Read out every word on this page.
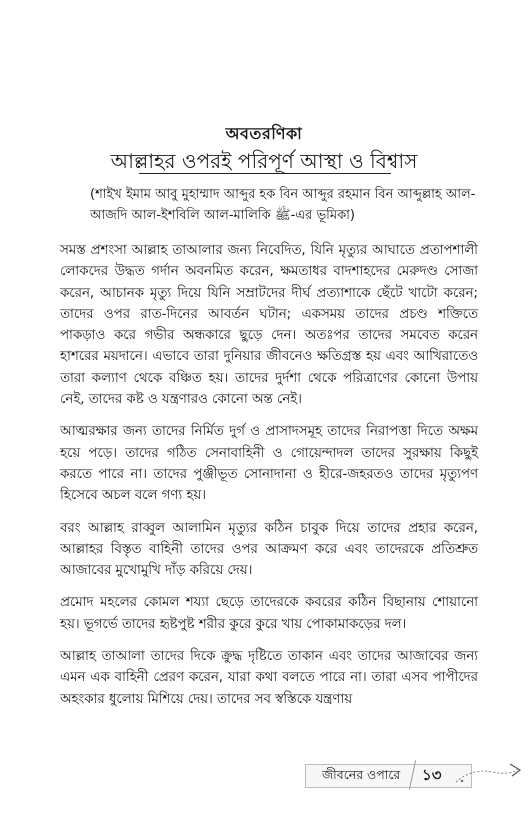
অবতরণিকা
আল্লাহর ওপরই পরিপূর্ণ আস্থা ও বিশ্বাস
(শাইখ ইমাম আবু মুহাম্মাদ আব্দুর হক বিন আব্দুর রহমান বিন আব্দুল্লাহ আল-আজদি আল-ইশবিলি আল-মালিকি ﷺ-এর ভূমিকা)

সমস্ত প্রশংসা আল্লাহ তাআলার জন্য নিবেদিত, যিনি মৃত্যুর আঘাতে প্রতাপশালী লোকদের উদ্ধত গর্দান অবনমিত করেন, ক্ষমতাধর বাদশাহদের মেরুদণ্ড সোজা করেন, আচানক মৃত্যু দিয়ে যিনি সম্রাটদের দীর্ঘ প্রত্যাশাকে ছেঁটে খাটো করেন; তাদের ওপর রাত-দিনের আবর্তন ঘটান; একসময় তাদের প্রচণ্ড শক্তিতে পাকড়াও করে গভীর অন্ধকারে ছুড়ে দেন। অতঃপর তাদের সমবেত করেন হাশরের ময়দানে। এভাবে তারা দুনিয়ার জীবনেও ক্ষতিগ্রস্ত হয় এবং আখিরাতেও তারা কল্যাণ থেকে বঞ্চিত হয়। তাদের দুর্দশা থেকে পরিত্রাণের কোনো উপায় নেই, তাদের কষ্ট ও যন্ত্রণারও কোনো অন্ত নেই।

আত্মরক্ষার জন্য তাদের নির্মিত দুর্গ ও প্রাসাদসমূহ তাদের নিরাপত্তা দিতে অক্ষম হয়ে পড়ে। তাদের গঠিত সেনাবাহিনী ও গোয়েন্দাদল তাদের সুরক্ষায় কিছুই করতে পারে না। তাদের পুঞ্জীভূত সোনাদানা ও হীরে-জহরতও তাদের মৃত্যুপণ হিসেবে অচল বলে গণ্য হয়।

বরং আল্লাহ রাব্বুল আলামিন মৃত্যুর কঠিন চাবুক দিয়ে তাদের প্রহার করেন, আল্লাহর বিস্তৃত বাহিনী তাদের ওপর আক্রমণ করে এবং তাদেরকে প্রতিশ্রুত আজাবের মুখোমুখি দাঁড় করিয়ে দেয়।

প্রমোদ মহলের কোমল শয্যা ছেড়ে তাদেরকে কবরের কঠিন বিছানায় শোয়ানো হয়। ভূগর্ভে তাদের হৃষ্টপুষ্ট শরীর কুরে কুরে খায় পোকামাকড়ের দল।

আল্লাহ তাআলা তাদের দিকে ক্রুদ্ধ দৃষ্টিতে তাকান এবং তাদের আজাবের জন্য এমন এক বাহিনী প্রেরণ করেন, যারা কথা বলতে পারে না। তারা এসব পাপীদের অহংকার ধুলোয় মিশিয়ে দেয়। তাদের সব স্বস্তিকে যন্ত্রণায়

জীবনের ওপারে ১৩
